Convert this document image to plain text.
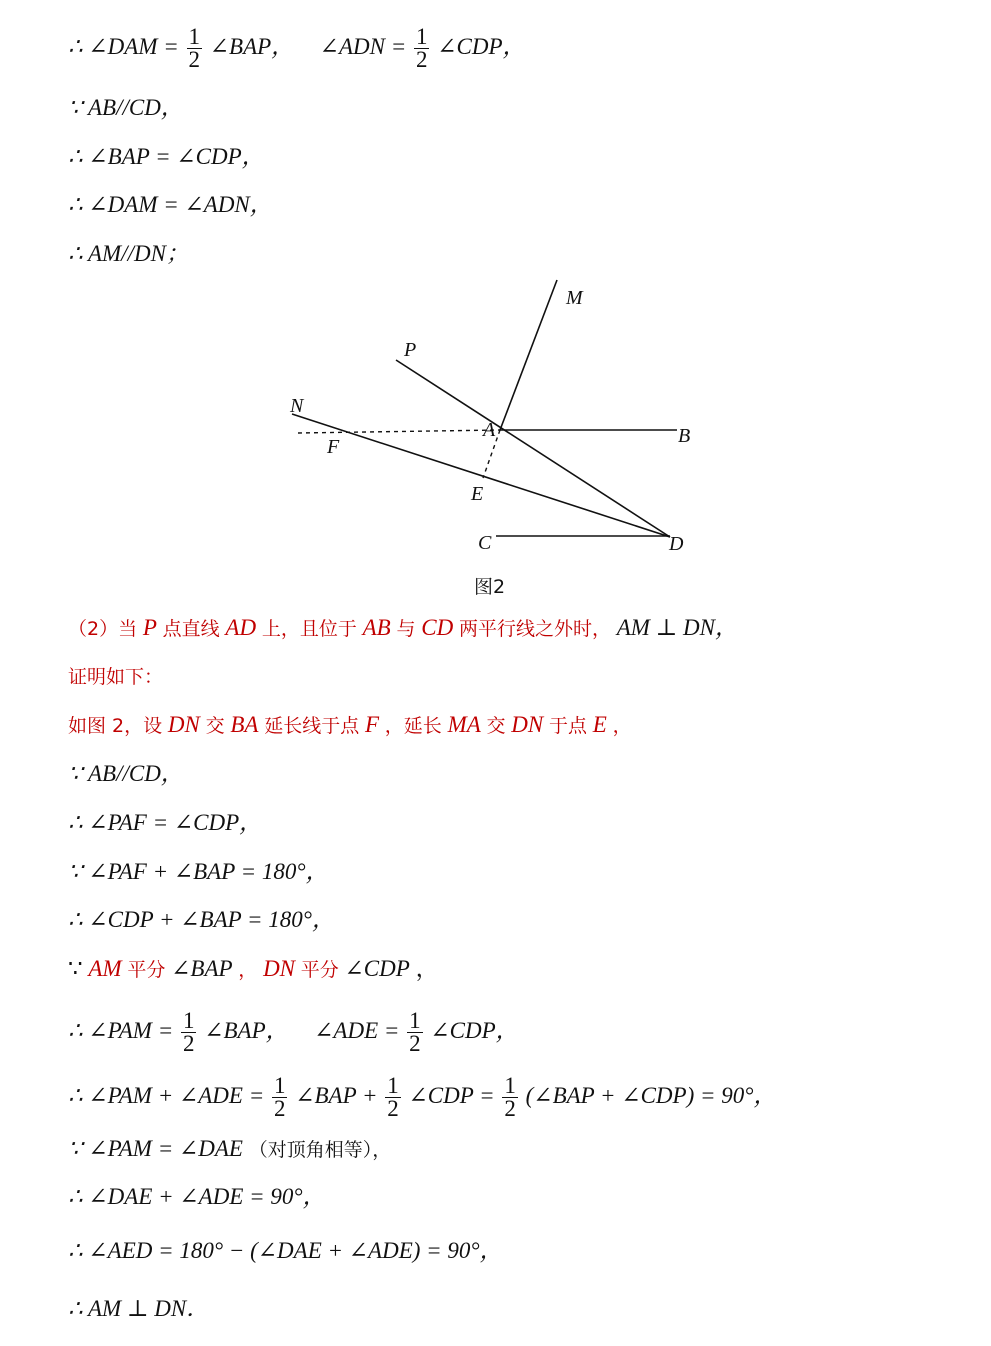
∴ ∠DAM = $\frac{1}{2}$ ∠BAP， ∠ADN = $\frac{1}{2}$ ∠CDP，
∵ AB//CD，
∴ ∠BAP = ∠CDP，
∴ ∠DAM = ∠ADN，
∴ AM//DN；
M
P
N
A	B
F
E
C	D
图2
（2）当 P 点直线 AD 上，且位于 AB 与 CD 两平行线之外时， AM ⊥ DN，
证明如下：
如图 2，设 DN 交 BA 延长线于点 F ，延长 MA 交 DN 于点 E ，
∵ AB//CD，
∴ ∠PAF = ∠CDP，
∵ ∠PAF + ∠BAP = 180°，
∴ ∠CDP + ∠BAP = 180°，
∵ AM 平分 ∠BAP ， DN 平分 ∠CDP ，
∴ ∠PAM = $\frac{1}{2}$ ∠BAP， ∠ADE = $\frac{1}{2}$ ∠CDP，
∴ ∠PAM + ∠ADE = $\frac{1}{2}$ ∠BAP + $\frac{1}{2}$ ∠CDP = $\frac{1}{2}$ (∠BAP + ∠CDP) = 90°，
∵ ∠PAM = ∠DAE （对顶角相等），
∴ ∠DAE + ∠ADE = 90°，
∴ ∠AED = 180° − (∠DAE + ∠ADE) = 90°，
∴ AM ⊥ DN．
